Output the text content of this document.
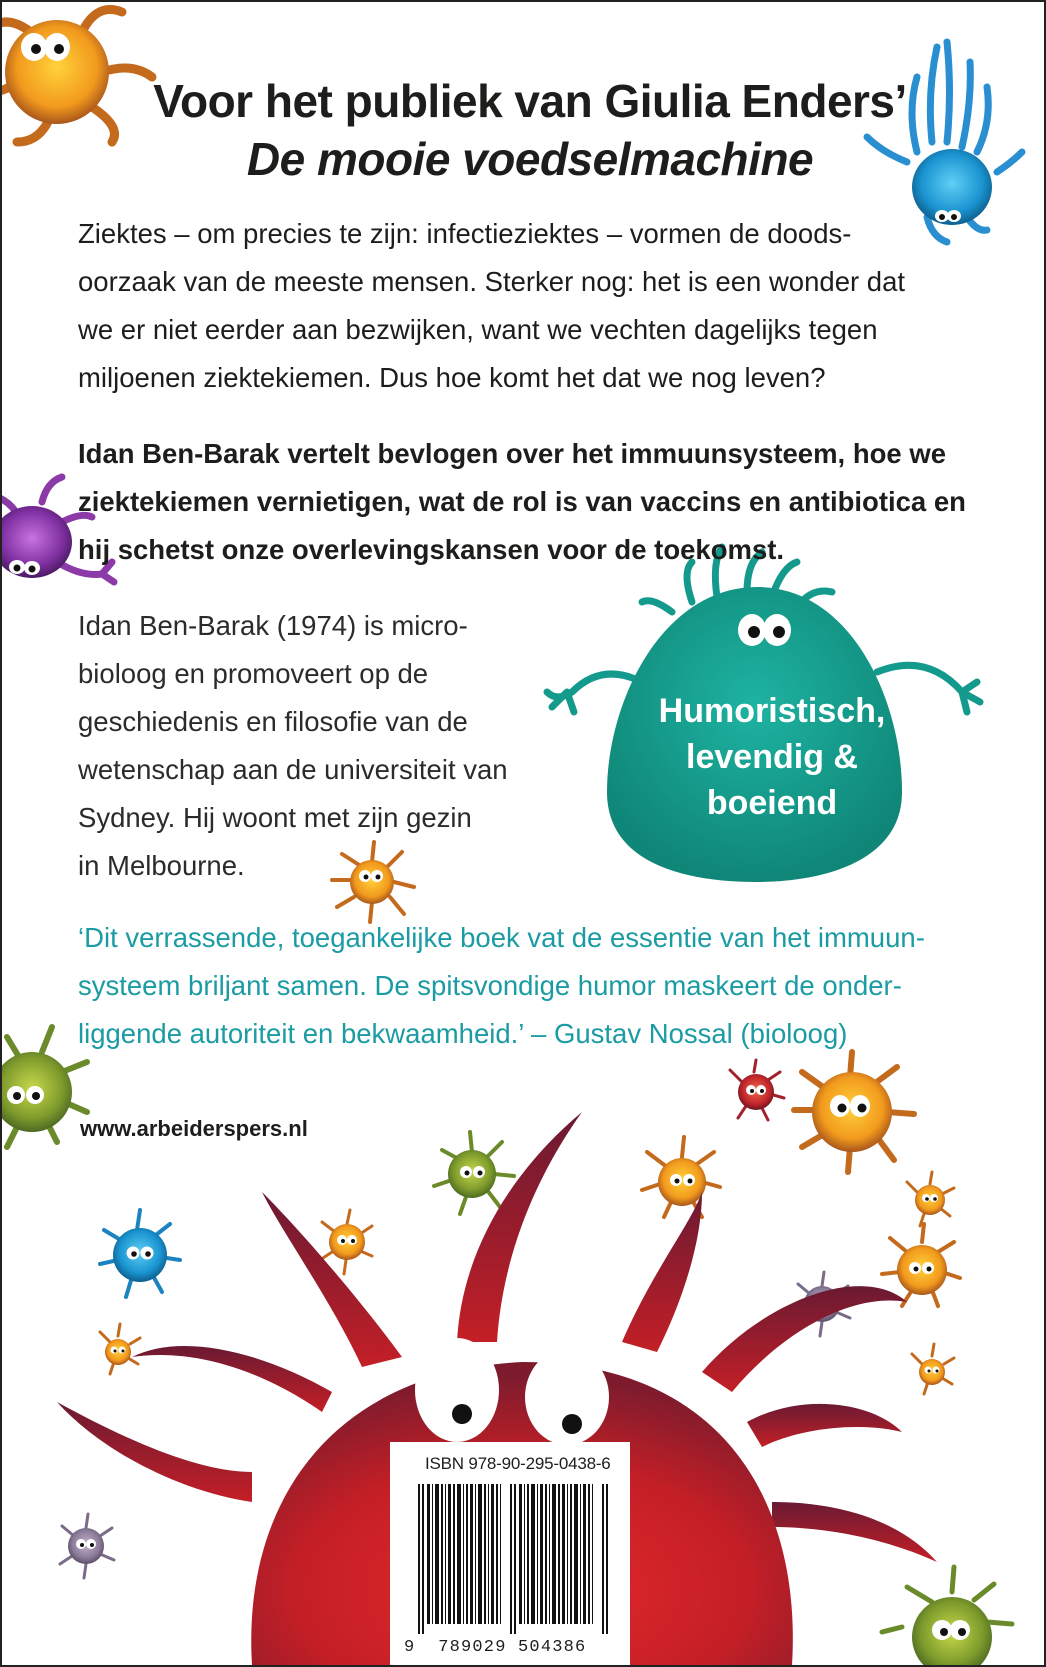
Voor het publiek van Giulia Enders’
De mooie voedselmachine
Ziektes – om precies te zijn: infectieziektes – vormen de doods-
oorzaak van de meeste mensen. Sterker nog: het is een wonder dat
we er niet eerder aan bezwijken, want we vechten dagelijks tegen
miljoenen ziektekiemen. Dus hoe komt het dat we nog leven?
Idan Ben-Barak vertelt bevlogen over het immuunsysteem, hoe we
ziektekiemen vernietigen, wat de rol is van vaccins en antibiotica en
hij schetst onze overlevingskansen voor de toekomst.
Idan Ben-Barak (1974) is micro-
bioloog en promoveert op de
geschiedenis en filosofie van de
wetenschap aan de universiteit van
Sydney. Hij woont met zijn gezin
in Melbourne.
Humoristisch,
levendig &
boeiend
‘Dit verrassende, toegankelijke boek vat de essentie van het immuun-
systeem briljant samen. De spitsvondige humor maskeert de onder-
liggende autoriteit en bekwaamheid.’ – Gustav Nossal (bioloog)
www.arbeiderspers.nl
ISBN 978-90-295-0438-6
9  789029 504386
